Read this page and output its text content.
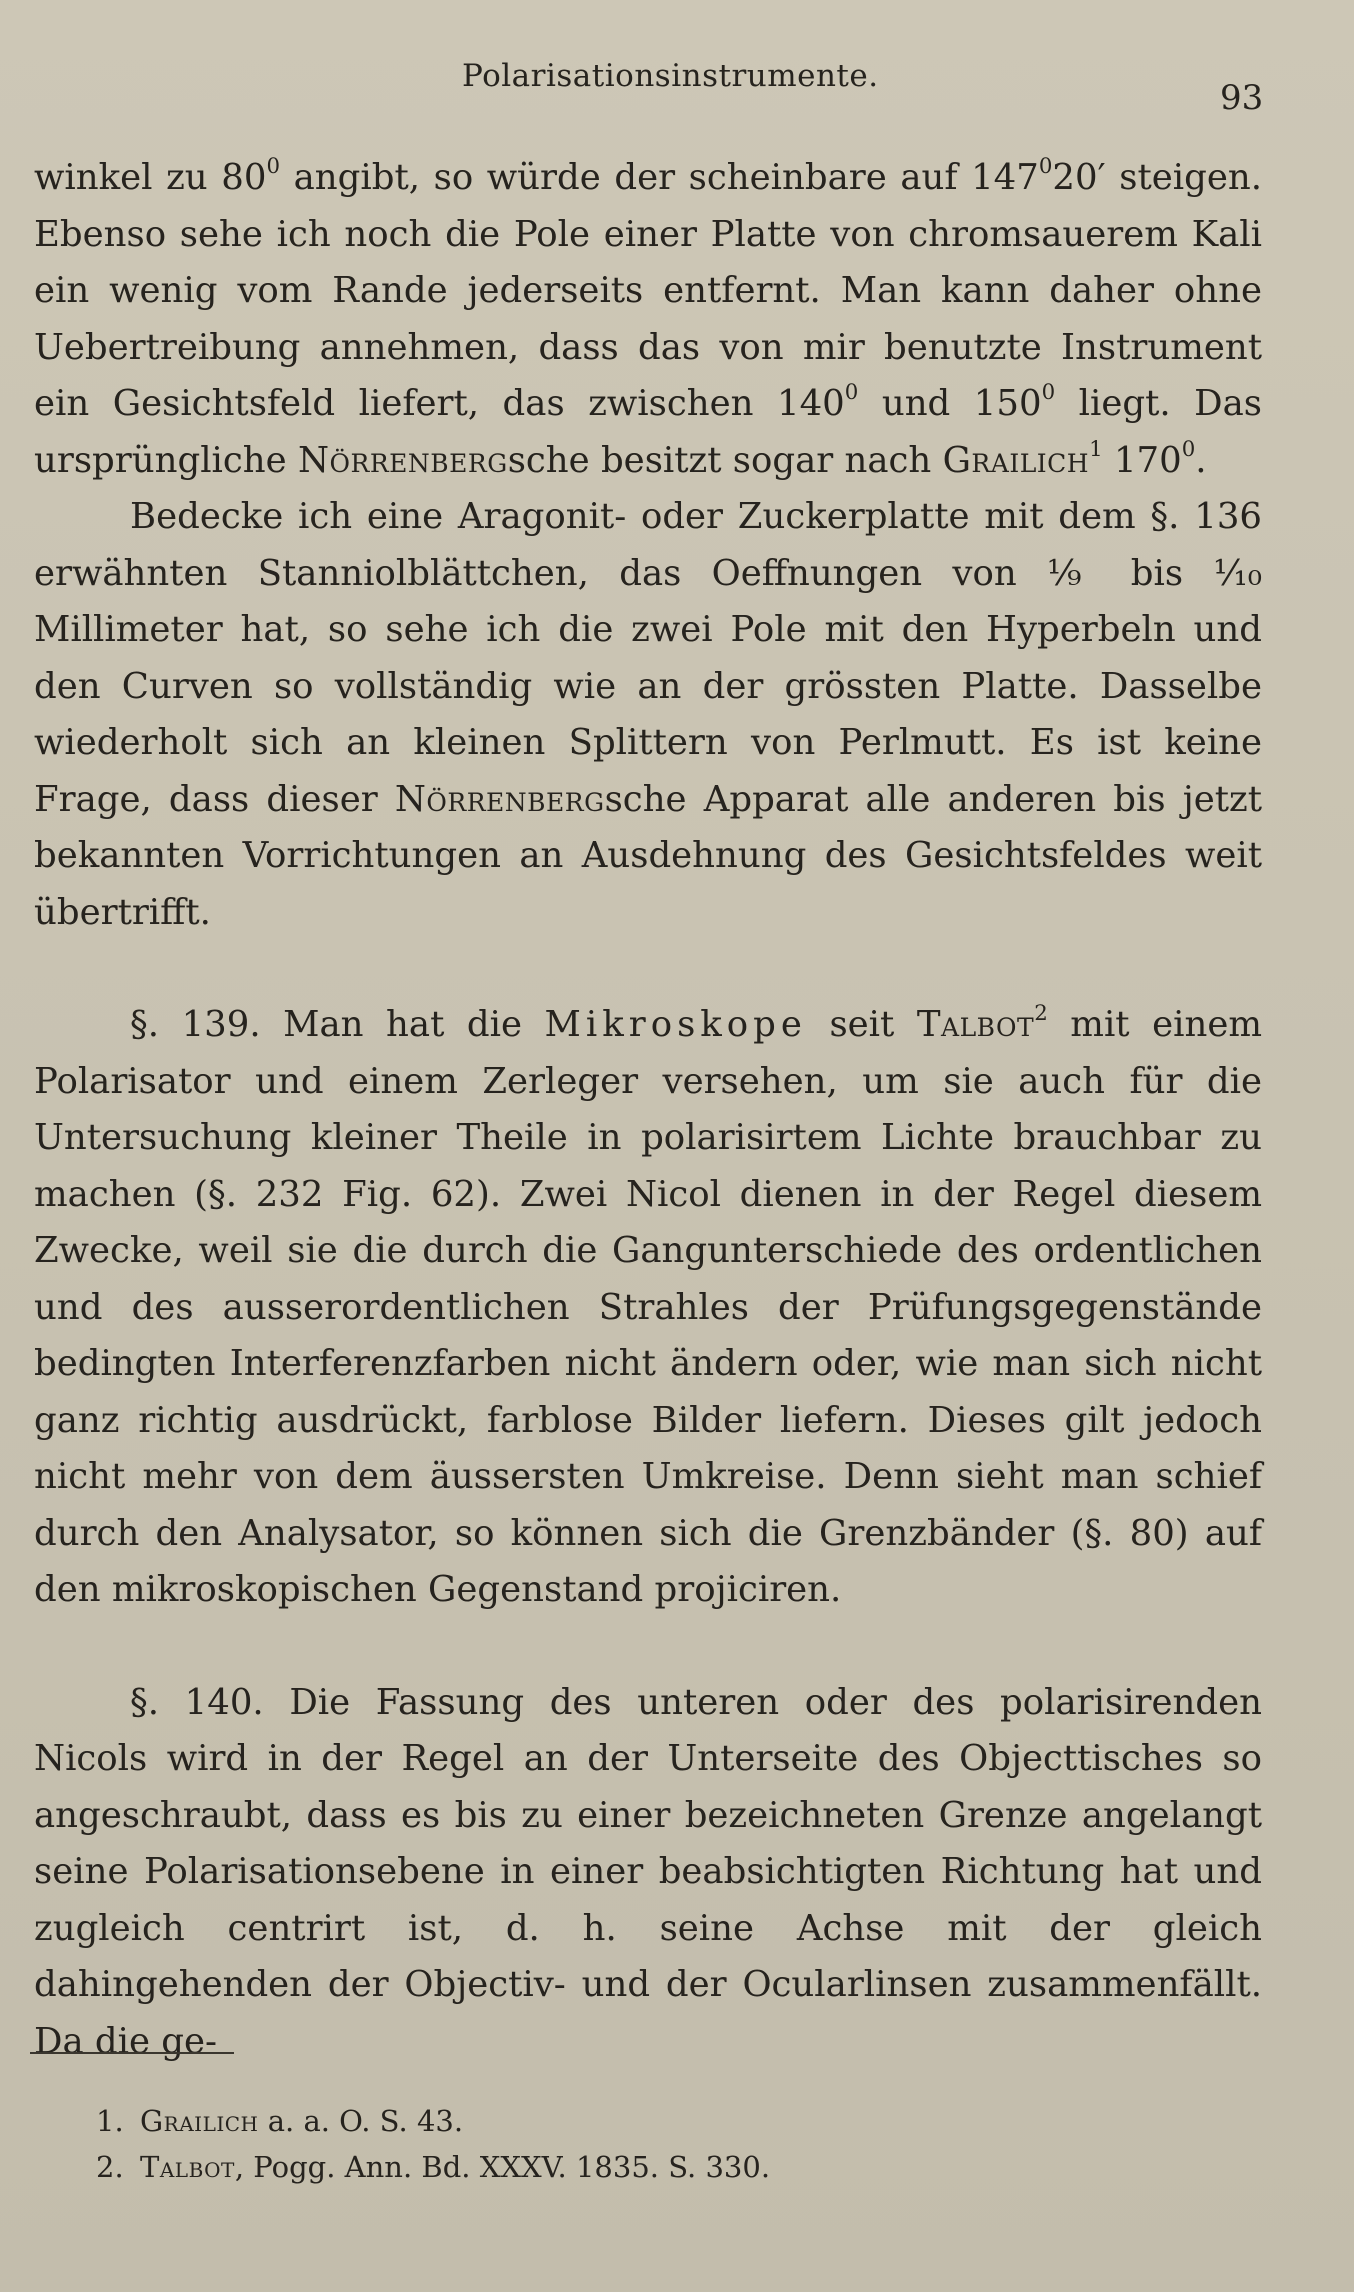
Polarisationsinstrumente.
93

winkel zu $80^0$ angibt, so würde der scheinbare auf $147^020'$ steigen. Ebenso sehe ich noch die Pole einer Platte von chromsauerem Kali ein wenig vom Rande jederseits entfernt. Man kann daher ohne Uebertreibung annehmen, dass das von mir benutzte Instrument ein Gesichtsfeld liefert, das zwischen $140^0$ und $150^0$ liegt. Das ursprüngliche Nörrenbergsche besitzt sogar nach Grailich$^1$ $170^0$.

Bedecke ich eine Aragonit- oder Zuckerplatte mit dem §. 136 erwähnten Stanniolblättchen, das Oeffnungen von ⅑ bis ⅒ Millimeter hat, so sehe ich die zwei Pole mit den Hyperbeln und den Curven so vollständig wie an der grössten Platte. Dasselbe wiederholt sich an kleinen Splittern von Perlmutt. Es ist keine Frage, dass dieser Nörrenbergsche Apparat alle anderen bis jetzt bekannten Vorrichtungen an Ausdehnung des Gesichtsfeldes weit übertrifft.

§. 139. Man hat die Mikroskope seit Talbot$^2$ mit einem Polarisator und einem Zerleger versehen, um sie auch für die Untersuchung kleiner Theile in polarisirtem Lichte brauchbar zu machen (§. 232 Fig. 62). Zwei Nicol dienen in der Regel diesem Zwecke, weil sie die durch die Gangunterschiede des ordentlichen und des ausserordentlichen Strahles der Prüfungsgegenstände bedingten Interferenzfarben nicht ändern oder, wie man sich nicht ganz richtig ausdrückt, farblose Bilder liefern. Dieses gilt jedoch nicht mehr von dem äussersten Umkreise. Denn sieht man schief durch den Analysator, so können sich die Grenzbänder (§. 80) auf den mikroskopischen Gegenstand projiciren.

§. 140. Die Fassung des unteren oder des polarisirenden Nicols wird in der Regel an der Unterseite des Objecttisches so angeschraubt, dass es bis zu einer bezeichneten Grenze angelangt seine Polarisationsebene in einer beabsichtigten Richtung hat und zugleich centrirt ist, d. h. seine Achse mit der gleich dahingehenden der Objectiv- und der Ocularlinsen zusammenfällt. Da die ge-

1. Grailich a. a. O. S. 43.

2. Talbot, Pogg. Ann. Bd. XXXV. 1835. S. 330.
